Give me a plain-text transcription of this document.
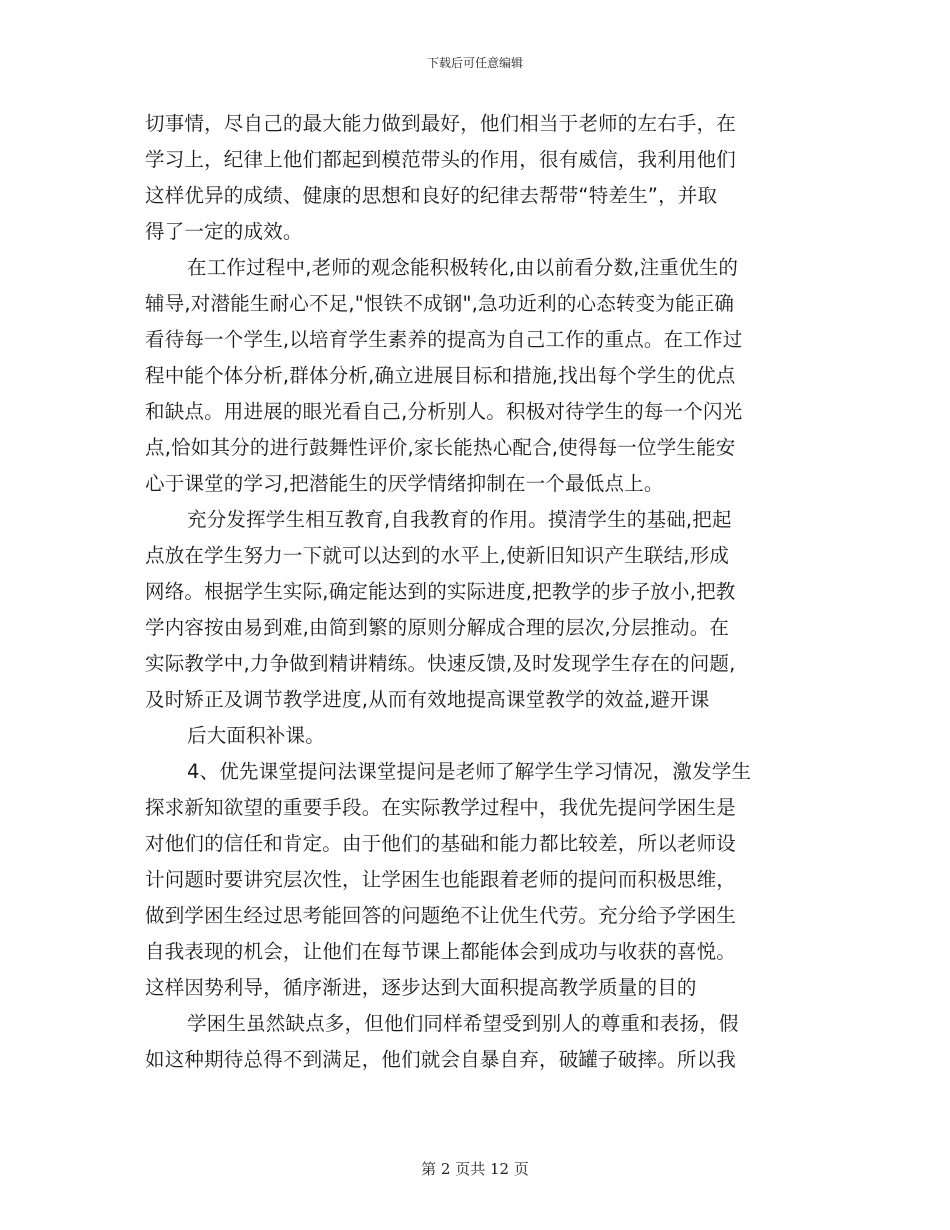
下载后可任意编辑
切事情，尽自己的最大能力做到最好，他们相当于老师的左右手，在
学习上，纪律上他们都起到模范带头的作用，很有威信，我利用他们
这样优异的成绩、健康的思想和良好的纪律去帮带“特差生”，并取
得了一定的成效。
在工作过程中,老师的观念能积极转化,由以前看分数,注重优生的
辅导,对潜能生耐心不足,"恨铁不成钢",急功近利的心态转变为能正确
看待每一个学生,以培育学生素养的提高为自己工作的重点。在工作过
程中能个体分析,群体分析,确立进展目标和措施,找出每个学生的优点
和缺点。用进展的眼光看自己,分析别人。积极对待学生的每一个闪光
点,恰如其分的进行鼓舞性评价,家长能热心配合,使得每一位学生能安
心于课堂的学习,把潜能生的厌学情绪抑制在一个最低点上。
充分发挥学生相互教育,自我教育的作用。摸清学生的基础,把起
点放在学生努力一下就可以达到的水平上,使新旧知识产生联结,形成
网络。根据学生实际,确定能达到的实际进度,把教学的步子放小,把教
学内容按由易到难,由简到繁的原则分解成合理的层次,分层推动。在
实际教学中,力争做到精讲精练。快速反馈,及时发现学生存在的问题,
及时矫正及调节教学进度,从而有效地提高课堂教学的效益,避开课
后大面积补课。
4、优先课堂提问法课堂提问是老师了解学生学习情况，激发学生
探求新知欲望的重要手段。在实际教学过程中，我优先提问学困生是
对他们的信任和肯定。由于他们的基础和能力都比较差，所以老师设
计问题时要讲究层次性，让学困生也能跟着老师的提问而积极思维，
做到学困生经过思考能回答的问题绝不让优生代劳。充分给予学困生
自我表现的机会，让他们在每节课上都能体会到成功与收获的喜悦。
这样因势利导，循序渐进，逐步达到大面积提高教学质量的目的
学困生虽然缺点多，但他们同样希望受到别人的尊重和表扬，假
如这种期待总得不到满足，他们就会自暴自弃，破罐子破摔。所以我
第 2 页共 12 页
